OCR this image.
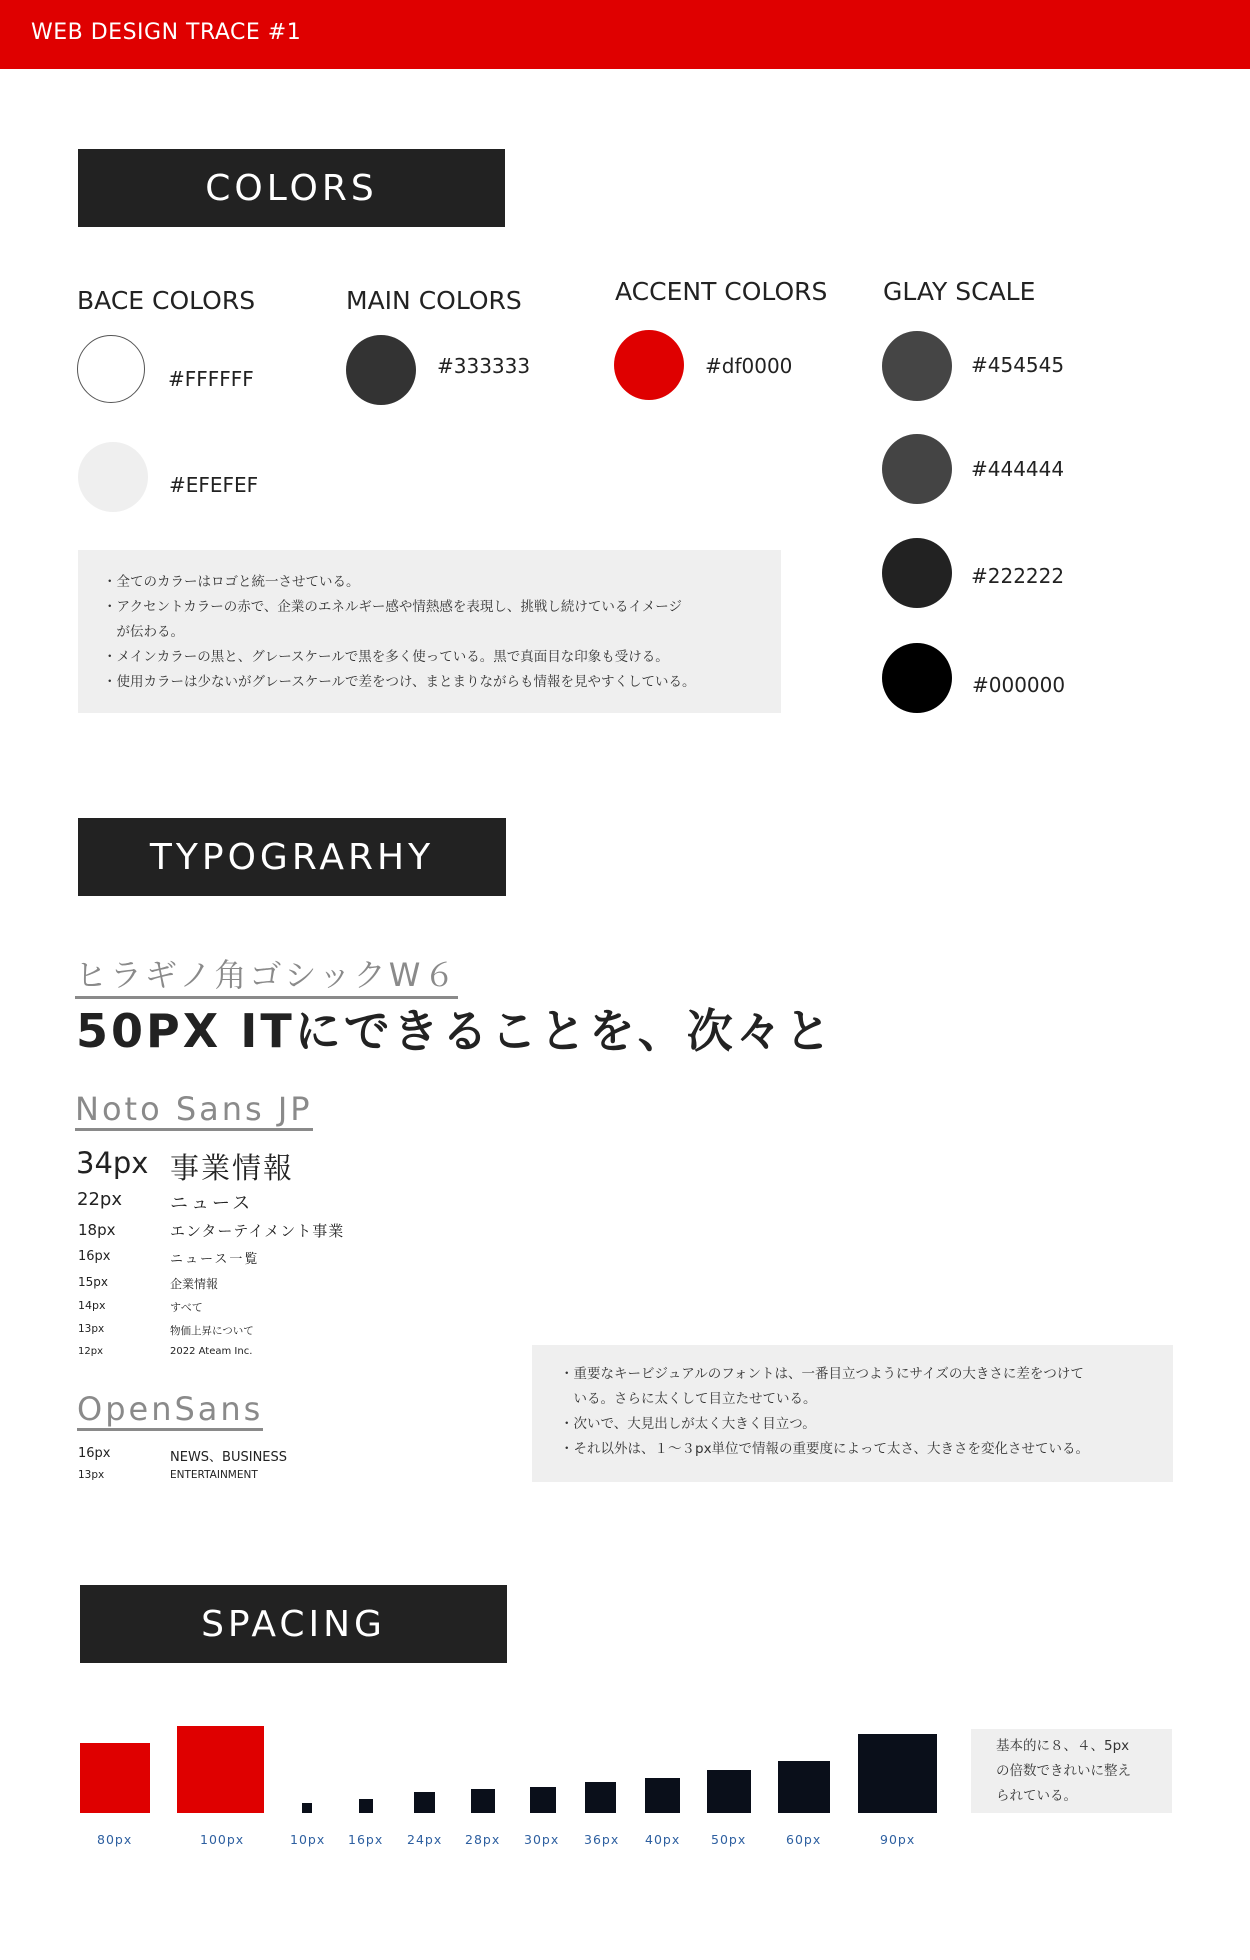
WEB DESIGN TRACE #1
COLORS
BACE COLORS
#FFFFFF
#EFEFEF
MAIN COLORS
#333333
ACCENT COLORS
#df0000
GLAY SCALE
#454545
#444444
#222222
#000000

・全てのカラーはロゴと統一させている。

・アクセントカラーの赤で、企業のエネルギー感や情熱感を表現し、挑戦し続けているイメージ

　が伝わる。

・メインカラーの黒と、グレースケールで黒を多く使っている。黒で真面目な印象も受ける。

・使用カラーは少ないがグレースケールで差をつけ、まとまりながらも情報を見やすくしている。

TYPOGRARHY
ヒラギノ角ゴシックW６
50PX ITにできることを、次々と
Noto Sans JP
34px 事業情報
22px	ニュース
18px	エンターテイメント事業
16px	ニュース一覧
15px	企業情報
14px	すべて
13px	物価上昇について
12px	2022 Ateam Inc.
OpenSans
16px	NEWS、BUSINESS
13px	ENTERTAINMENT

・重要なキービジュアルのフォントは、一番目立つようにサイズの大きさに差をつけて

　いる。さらに太くして目立たせている。

・次いで、大見出しが太く大きく目立つ。

・それ以外は、１〜３px単位で情報の重要度によって太さ、大きさを変化させている。

SPACING
80px	100px	10px 16px 24px 28px 30px 36px 40px 50px	60px	90px

基本的に８、４、5px

の倍数できれいに整え

られている。
